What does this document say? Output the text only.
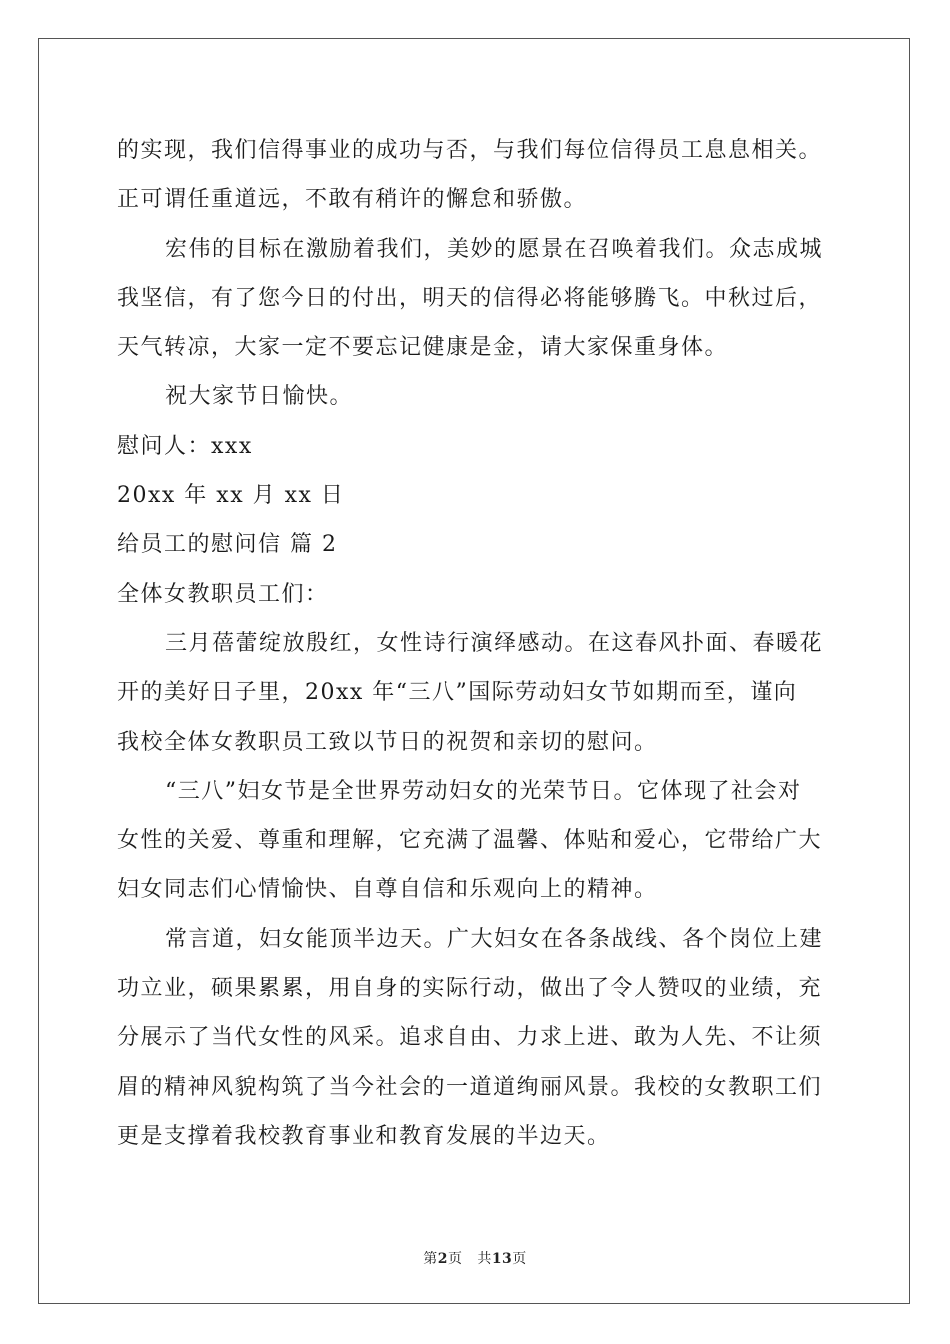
的实现，我们信得事业的成功与否，与我们每位信得员工息息相关。
正可谓任重道远，不敢有稍许的懈怠和骄傲。
宏伟的目标在激励着我们，美妙的愿景在召唤着我们。众志成城
我坚信，有了您今日的付出，明天的信得必将能够腾飞。中秋过后，
天气转凉，大家一定不要忘记健康是金，请大家保重身体。
祝大家节日愉快。
慰问人：xxx
20xx 年 xx 月 xx 日
给员工的慰问信 篇 2
全体女教职员工们：
三月蓓蕾绽放殷红，女性诗行演绎感动。在这春风扑面、春暖花
开的美好日子里，20xx 年“三八”国际劳动妇女节如期而至，谨向
我校全体女教职员工致以节日的祝贺和亲切的慰问。
“三八”妇女节是全世界劳动妇女的光荣节日。它体现了社会对
女性的关爱、尊重和理解，它充满了温馨、体贴和爱心，它带给广大
妇女同志们心情愉快、自尊自信和乐观向上的精神。
常言道，妇女能顶半边天。广大妇女在各条战线、各个岗位上建
功立业，硕果累累，用自身的实际行动，做出了令人赞叹的业绩，充
分展示了当代女性的风采。追求自由、力求上进、敢为人先、不让须
眉的精神风貌构筑了当今社会的一道道绚丽风景。我校的女教职工们
更是支撑着我校教育事业和教育发展的半边天。
第2页 共13页
